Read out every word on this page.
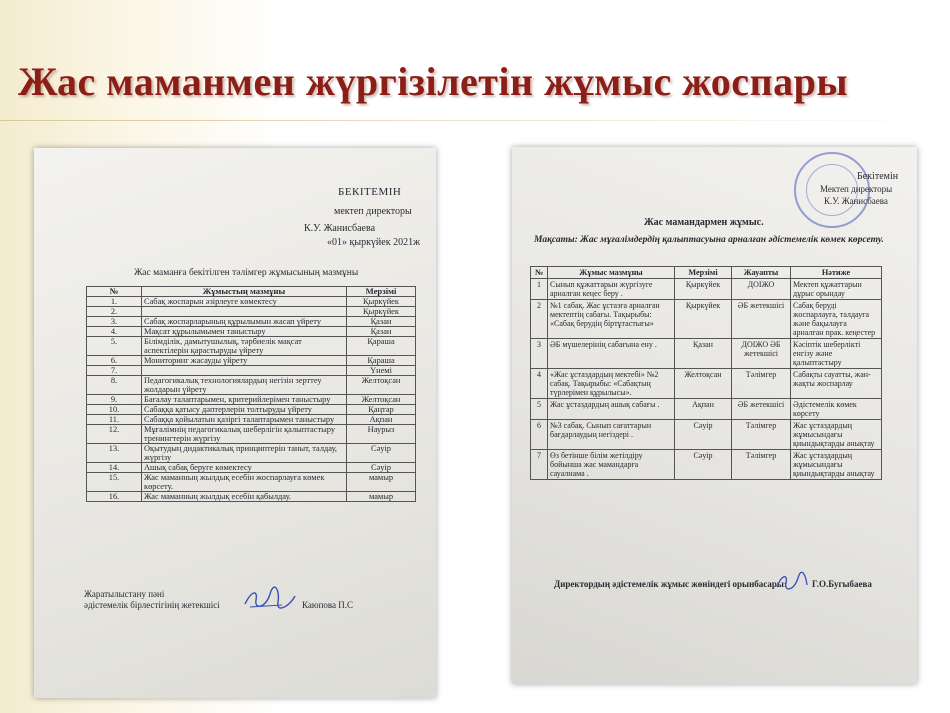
Жас маманмен жүргізілетін жұмыс жоспары
БЕКІТЕМІН
мектеп директоры
К.У. Жанисбаева
«01» қыркүйек 2021ж
Жас маманға бекітілген тәлімгер жұмысының мазмұны
№	Жұмыстың мазмұны	Мерзімі
1.	Сабақ жоспарын әзірлеуге көмектесу	Қыркүйек
2.		Қыркүйек
3.	Сабақ жоспарларының құрылымын жасап үйрету	Қазан
4.	Мақсат құрылымымен таныстыру	Қазан
5.	Білімділік, дамытушылық, тәрбиелік мақсат аспектілерін қарастыруды үйрету	Қараша
6.	Мониторинг жасауды үйрету	Қараша
7.		Үнемі
8.	Педагогикалық технологиялардың негізін зерттеу жолдарын үйрету	Желтоқсан
9.	Бағалау талаптарымен, критерийлерімен таныстыру	Желтоқсан
10.	Сабаққа қатысу дәптерлерін толтыруды үйрету	Қаңтар
11.	Сабаққа қойылатын қазіргі талаптарымен таныстыру	Ақпан
12.	Мұғалімнің педагогикалық шеберлігін қалыптастыру тренингтерін жүргізу	Наурыз
13.	Оқытудың дидактикалық принциптерін таныт, талдау, жүргізу	Сәуір
14.	Ашық сабақ беруге көмектесу	Сәуір
15.	Жас маманның жылдық есебін жоспарлауға көмек көрсету.	мамыр
16.	Жас маманның жылдық есебін қабылдау.	мамыр
Жаратылыстану пәні
әдістемелік бірлестігінің жетекшісі	Каюпова П.С
Бекітемін
Мектеп директоры
К.У. Жанисбаева
Жас мамандармен жұмыс.
Мақсаты: Жас мұғалімдердің қалыптасуына арналған әдістемелік көмек көрсету.
№	Жұмыс мазмұны	Мерзімі	Жауапты	Нәтиже
1	Сынып құжаттарын жүргізуге арналған кеңес беру .	Қыркүйек	ДОІЖО	Мектеп құжаттарын дұрыс орындау
2	№1 сабақ. Жас ұстазға арналған мектептің сабағы. Тақырыбы: «Сабақ берудің біртұтастығы»	Қыркүйек	ӘБ жетекшісі	Сабақ беруді жоспарлауға, талдауға және бақылауға арналған прак. кеңестер
3	ӘБ мүшелерінің сабағына ену .	Қазан	ДОІЖО ӘБ жетекшісі	Кәсіптік шеберлікті енгізу және қалыптастыру
4	«Жас ұстаздардың мектебі» №2 сабақ. Тақырыбы: «Сабақтың түрлерімен құрылысы».	Желтоқсан	Тәлімгер	Сабақты сауатты, жан-жақты жоспарлау
5	Жас ұстаздардың ашық сабағы .	Ақпан	ӘБ жетекшісі	Әдістемелік көмек көрсету
6	№3 сабақ. Сынып сағаттарын бағдарлаудың негіздері .	Сәуір	Тәлімгер	Жас ұстаздардың жұмысындағы қиындықтарды анықтау
7	Өз бетінше білім жетілдіру бойынша жас мамандарға сауалнама .	Сәуір	Тәлімгер	Жас ұстаздардың жұмысындағы қиындықтарды анықтау
Директордың әдістемелік жұмыс жөніндегі орынбасары:	Г.О.Бугыбаева
